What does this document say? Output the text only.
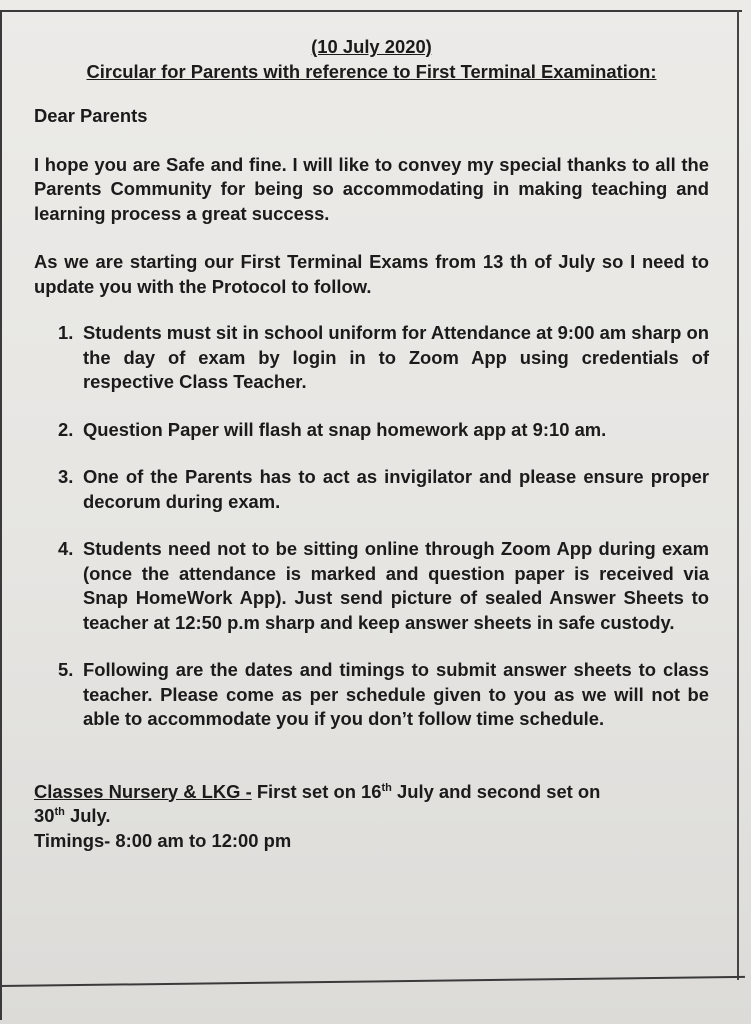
(10 July 2020)

Circular for Parents with reference to First Terminal Examination:

Dear Parents

I hope you are Safe and fine. I will like to convey my special thanks to all the Parents Community for being so accommodating in making teaching and learning process a great success.

As we are starting our First Terminal Exams from 13 th of July so I need to update you with the Protocol to follow.

1. Students must sit in school uniform for Attendance at 9:00 am sharp on the day of exam by login in to Zoom App using credentials of respective Class Teacher.
2. Question Paper will flash at snap homework app at 9:10 am.
3. One of the Parents has to act as invigilator and please ensure proper decorum during exam.
4. Students need not to be sitting online through Zoom App during exam (once the attendance is marked and question paper is received via Snap HomeWork App). Just send picture of sealed Answer Sheets to teacher at 12:50 p.m sharp and keep answer sheets in safe custody.
5. Following are the dates and timings to submit answer sheets to class teacher. Please come as per schedule given to you as we will not be able to accommodate you if you don’t follow time schedule.

Classes Nursery & LKG - First set on 16th July and second set on
30th July.

Timings- 8:00 am to 12:00 pm
